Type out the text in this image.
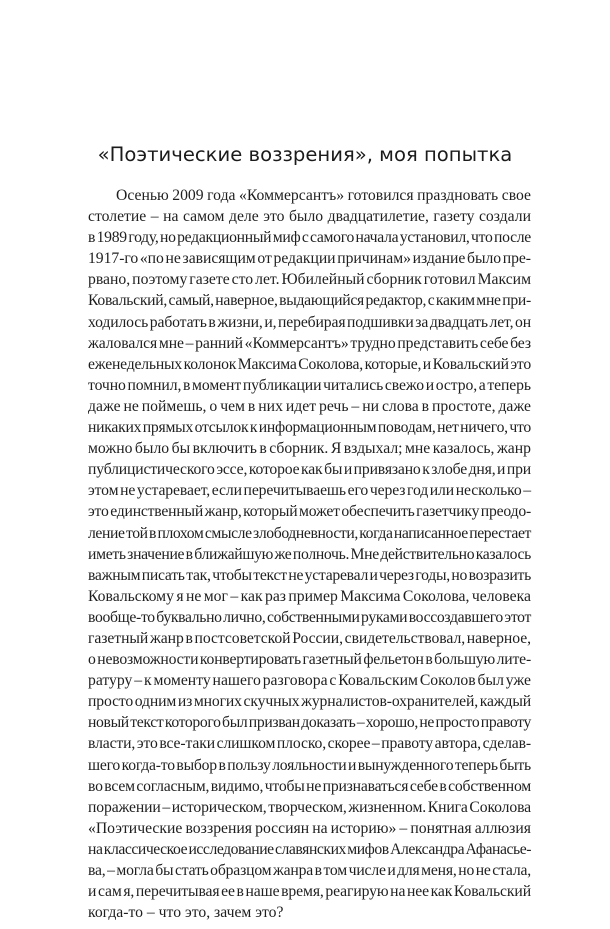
«Поэтические воззрения», моя попытка
Осенью 2009 года «Коммерсантъ» готовился праздновать свое
столетие – на самом деле это было двадцатилетие, газету создали
в 1989 году, но редакционный миф с самого начала установил, что после
1917-го «по не зависящим от редакции причинам» издание было пре-
рвано, поэтому газете сто лет. Юбилейный сборник готовил Максим
Ковальский, самый, наверное, выдающийся редактор, с каким мне при-
ходилось работать в жизни, и, перебирая подшивки за двадцать лет, он
жаловался мне – ранний «Коммерсантъ» трудно представить себе без
еженедельных колонок Максима Соколова, которые, и Ковальский это
точно помнил, в момент публикации читались свежо и остро, а теперь
даже не поймешь, о чем в них идет речь – ни слова в простоте, даже
никаких прямых отсылок к информационным поводам, нет ничего, что
можно было бы включить в сборник. Я вздыхал; мне казалось, жанр
публицистического эссе, которое как бы и привязано к злобе дня, и при
этом не устаревает, если перечитываешь его через год или несколько –
это единственный жанр, который может обеспечить газетчику преодо-
ление той в плохом смысле злободневности, когда написанное перестает
иметь значение в ближайшую же полночь. Мне действительно казалось
важным писать так, чтобы текст не устаревал и через годы, но возразить
Ковальскому я не мог – как раз пример Максима Соколова, человека
вообще-то буквально лично, собственными руками воссоздавшего этот
газетный жанр в постсоветской России, свидетельствовал, наверное,
о невозможности конвертировать газетный фельетон в большую лите-
ратуру – к моменту нашего разговора с Ковальским Соколов был уже
просто одним из многих скучных журналистов-охранителей, каждый
новый текст которого был призван доказать – хорошо, не просто правоту
власти, это все-таки слишком плоско, скорее – правоту автора, сделав-
шего когда-то выбор в пользу лояльности и вынужденного теперь быть
во всем согласным, видимо, чтобы не признаваться себе в собственном
поражении – историческом, творческом, жизненном. Книга Соколова
«Поэтические воззрения россиян на историю» – понятная аллюзия
на классическое исследование славянских мифов Александра Афанасье-
ва, – могла бы стать образцом жанра в том числе и для меня, но не стала,
и сам я, перечитывая ее в наше время, реагирую на нее как Ковальский
когда-то – что это, зачем это?
